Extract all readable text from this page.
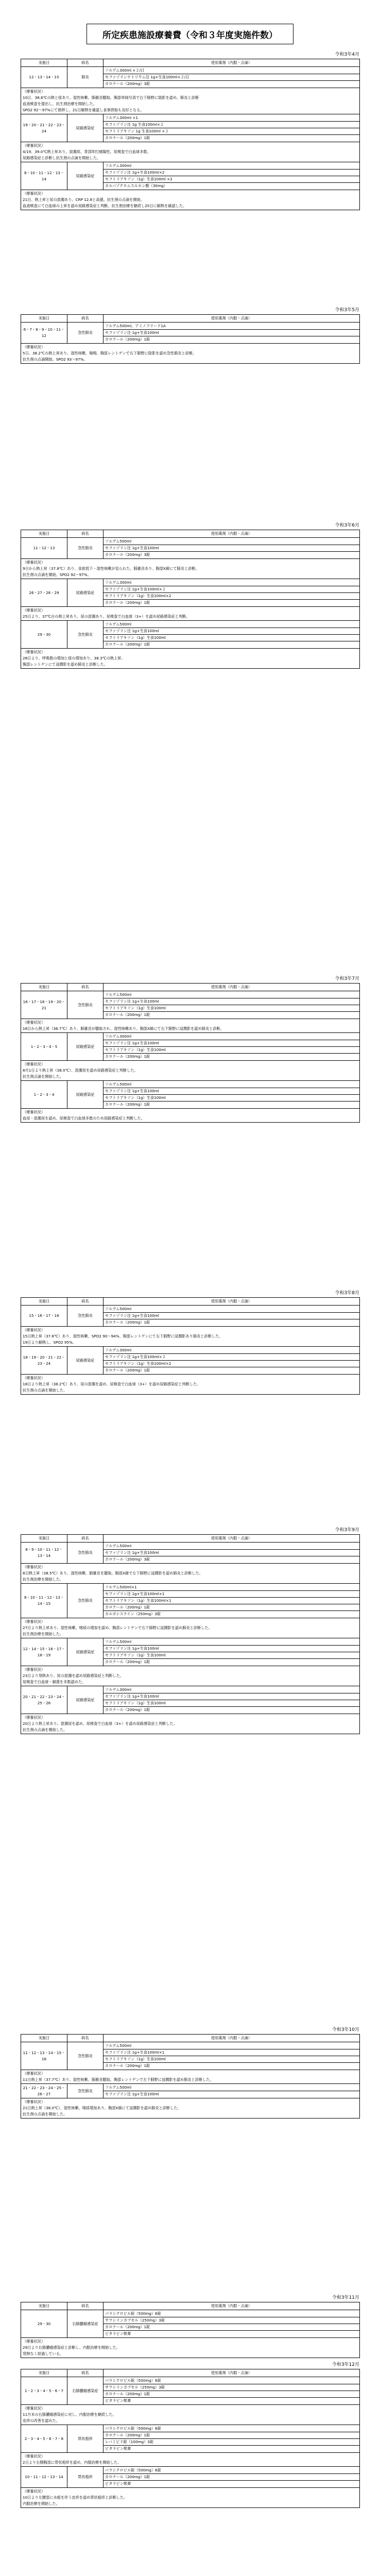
所定疾患施設療養費（令和３年度実施件数）
令和3年4月
実施日	病名	使用薬剤（内服・点滴）
12・13・14・15	肺炎	ソルデム300ml ×２/日
セファゾリンナトリウム注 1g+生食100ml×２/日
カロナール（200mg）3錠

（療養状況）
10日、38.6℃の熱と痰あり。湿性咳嗽、肺雑音聴取。胸部単純写真で右下肺野に陰影を認め、肺炎と診断
血液検査を提出し、抗生剤治療を開始した。
SPO2 92〜97%にて推移し、21日解熱を確認し食事摂取も良好となる。		

19・20・21・22・23・24	尿路感染症	ソルデム300ml ×1
セファゾリン注 1g 生食100ml×２
セフトリアキソン 1g 生食100ml ×２
カロナール（200mg）1錠

（療養状況）
4/19、39.0℃熱上昇あり。混濁尿。背部叩打痛陽性。尿検査で白血球多数。
尿路感染症と診断し抗生剤の点滴を開始した。		

8・10・11・12・13・14	尿路感染症	ソルデム300ml
セファゾリン注 1g+生食100ml×2
セフトリアキソン（1g）生食100ml ×2
カルバゾクロムスルホン酸（30mg）

（療養状況）
21日、熱上昇と尿の混濁あり。CRP 12.8と高値。抗生剤の点滴を開始。
血液検査にて白血球の上昇を認め尿路感染症と判断。抗生剤治療を継続し25日に解熱を確認した。		
令和3年5月
実施日	病名	使用薬剤（内服・点滴）
6・7・8・9・10・11・12	急性肺炎	ソルデム500ml、アミノフリード1A
セファゾリン注 1g+生食100ml
カロナール（200mg）1錠

（療養状況）
5日、38.2℃の熱上昇あり。湿性咳嗽、喘鳴、胸部レントゲンで右下肺野に陰影を認め急性肺炎と診断。
抗生剤の点滴開始。SPO2 93〜97%。		
令和3年6月
実施日	病名	使用薬剤（内服・点滴）
11・12・13	急性肺炎	ソルデム500ml
セファゾリン注 1g+生食100ml
カロナール（200mg）3錠

（療養状況）
9日から熱上昇（37.8℃）あり、食欲低下・湿性咳嗽が見られた。肺雑音あり、胸部X線にて肺炎と診断。
抗生剤の点滴を開始。SPO2 92〜97%。		

26・27・28・29	尿路感染症	ソルデム300ml
セファゾリン注 1g+生食100ml×２
セフトリアキソン（1g）生食100ml×2
カロナール（200mg）1錠

（療養状況）
25日より、37℃台の熱上昇あり。尿の混濁あり。尿検査で白血球（3+）を認め尿路感染症と判断。		

29・30	急性肺炎	ソルデム500ml
セファゾリン注 1g+生食100ml
セフトリアキソン（1g）生食100ml
カロナール（200mg）1錠

（療養状況）
28日より、呼吸数の増加と痰の増加あり。38.3℃の熱上昇。
胸部レントゲンにて浸潤影を認め肺炎と診断した。		
令和3年7月
実施日	病名	使用薬剤（内服・点滴）
16・17・18・19・20・21	急性肺炎	ソルデム500ml
セファゾリン注 1g+生食100ml
セフトリアキソン（1g）生食100ml
カロナール（200mg）1錠

（療養状況）
16日から熱上昇（38.7℃）あり、肺雑音が聴取され、湿性咳嗽あり。胸部X線にて右下肺野に浸潤影を認め肺炎と診断。		

1・2・3・4・5	尿路感染症	ソルデム300ml
セファゾリン注 1g+生食100ml
セフトリアキソン（1g）生食100ml
カロナール（200mg）1錠

（療養状況）
8月1日より熱上昇（38.0℃）、混濁尿を認め尿路感染症と判断した。
抗生剤点滴を開始した。		

1・2・3・4	尿路感染症	ソルデム500ml
セファゾリン注 1g+生食100ml
セフトリアキソン（1g）生食100ml
カロナール（200mg）1錠

（療養状況）
血尿・混濁尿を認め、尿検査で白血球多数のため尿路感染症と判断した。		
令和3年8月
実施日	病名	使用薬剤（内服・点滴）
15・16・17・18	急性肺炎	ソルデム500ml
セファゾリン注 1g+生食100ml
カロナール（200mg）1錠

（療養状況）
15日熱上昇（37.6℃）あり、湿性咳嗽、SPO2 90〜94%、胸部レントゲンにて右下肺野に浸潤影あり肺炎と診断した。
19日より解熱し、SPO2 95%。		

18・19・20・21・22・23・24	尿路感染症	ソルデム300ml
セファゾリン注 1g+生食100ml×２
セフトリアキソン（1g）生食100ml×2
カロナール（200mg）1錠

（療養状況）
18日より熱上昇（38.2℃）あり、尿の混濁を認め、尿検査で白血球（3+）を認め尿路感染症と判断した。
抗生剤の点滴を開始した。		
令和3年9月
実施日	病名	使用薬剤（内服・点滴）
8・9・10・11・12・13・14	急性肺炎	ソルデム500ml
セファゾリン注 1g+生食100ml
カロナール（200mg）3錠

（療養状況）
8日熱上昇（38.5℃）あり、湿性咳嗽、肺雑音を聴取。胸部X線で左下肺野に浸潤影を認め肺炎と診断した。
抗生剤治療を開始した。		

8・10・11・12・13・14・15	急性肺炎	ソルデム500ml×1
セファゾリン注 1g+生食100ml×1
セフトリアキソン（1g）生食100ml×1
カロナール（200mg）1錠
カルボシステイン（250mg）3錠

（療養状況）
27日より熱上昇あり。湿性咳嗽、喀痰の増加を認め、胸部レントゲンで右下肺野に浸潤影を認め肺炎と診断した。
抗生剤治療を開始した。		

12・14・15・16・17・18・19	尿路感染症	ソルデム500ml
セファゾリン注 1g+生食100ml
セフトリアキソン（1g）生食100ml
カロナール（200mg）1錠

（療養状況）
23日より発熱あり、尿の混濁を認め尿路感染症と判断した。
尿検査で白血球・細菌を多数認めた。		

20・21・22・23・24・25・26	尿路感染症	ソルデム300ml
セファゾリン注 1g+生食100ml
セフトリアキソン（1g）生食100ml
カロナール（200mg）1錠

（療養状況）
20日より熱上昇あり。混濁尿を認め、尿検査で白血球（3+）を認め尿路感染症と判断した。
抗生剤の点滴を開始した。		
令和3年10月
実施日	病名	使用薬剤（内服・点滴）
11・12・13・14・15・16	急性肺炎	ソルデム500ml
セファゾリン注 1g+生食100ml×1
セフトリアキソン（1g）生食100ml
カロナール（200mg）1錠

（療養状況）
11日熱上昇（37.7℃）あり、湿性咳嗽、肺雑音聴取。胸部レントゲンで左下肺野に浸潤影を認め肺炎と診断した。		

21・22・23・24・25・26・27	急性肺炎	ソルデム500ml
セファゾリン注 1g+生食100ml

（療養状況）
21日熱上昇（38.0℃）、湿性咳嗽、喀痰増加あり。胸部X線にて浸潤影を認め肺炎と診断した。
抗生剤の点滴を開始した。		
令和3年11月
実施日	病名	使用薬剤（内服・点滴）
29・30	右肺膿瘍感染症	パラシクロビル錠（500mg）6錠
サワシリンカプセル（250mg）3錠
カロナール（200mg）1錠
ビタラビン軟膏

（療養状況）
29日より右肺膿瘍感染症と診断し、内服治療を開始した。
発熱なく経過している。		
令和3年12月
実施日	病名	使用薬剤（内服・点滴）
1・2・3・4・5・6・7	右肺膿瘍感染症	パラシクロビル錠（500mg）6錠
サワシリンカプセル（250mg）3錠
カロナール（200mg）1錠
ビタラビン軟膏

（療養状況）
11月末の右肺膿瘍感染症に対し、内服治療を継続した。
皮疹の改善を認めた。		

2・3・4・5・6・7・8	帯状疱疹	パラシクロビル錠（500mg）6錠
カロナール（200mg）1錠
レバミピド錠（100mg）3錠
ビタラビン軟膏

（療養状況）
2日より右側胸部に帯状疱疹を認め、内服治療を開始した。		

10・11・12・13・14	帯状疱疹	パラシクロビル錠（500mg）6錠
カロナール（200mg）1錠
ビタラビン軟膏

（療養状況）
10日より左腰部に水疱を伴う皮疹を認め帯状疱疹と診断した。
内服治療を開始した。		
